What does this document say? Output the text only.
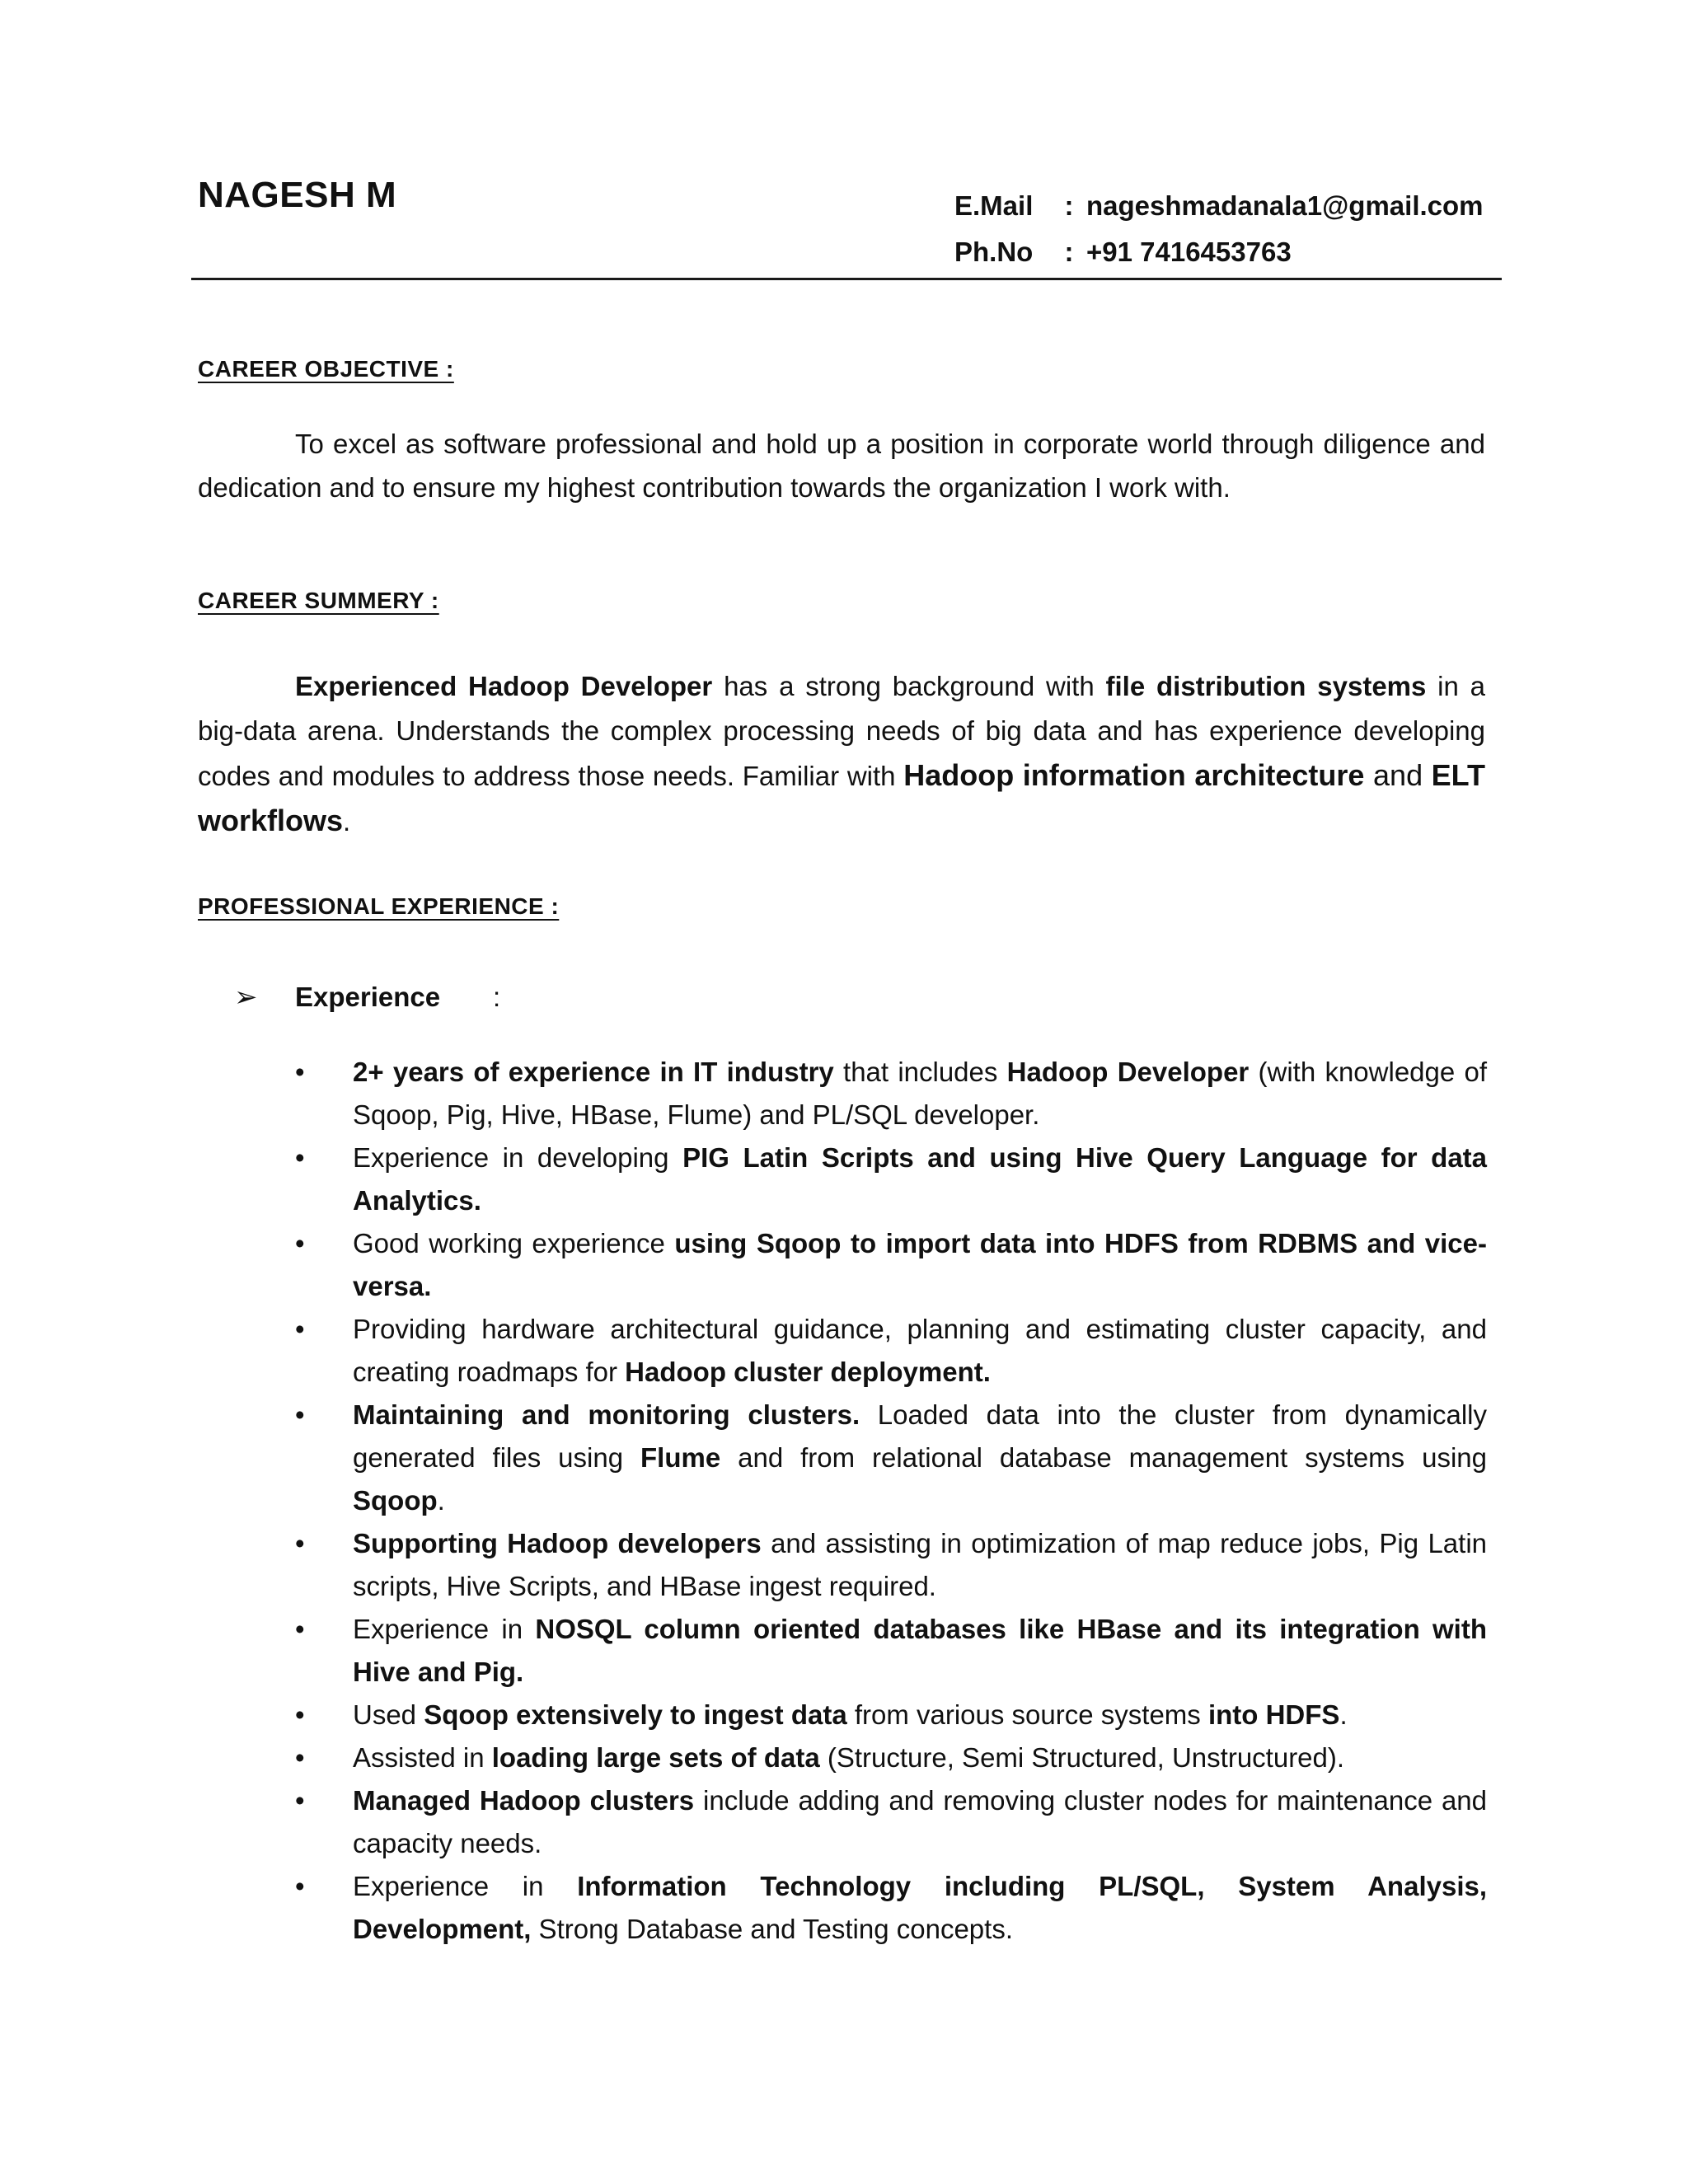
NAGESH M	E.Mail	: nageshmadanala1@gmail.com
Ph.No	: +91 7416453763
CAREER OBJECTIVE :
To excel as software professional and hold up a position in corporate world through diligence and dedication and to ensure my highest contribution towards the organization I work with.
CAREER SUMMERY :
Experienced Hadoop Developer has a strong background with file distribution systems in a big-data arena. Understands the complex processing needs of big data and has experience developing codes and modules to address those needs. Familiar with Hadoop information architecture and ELT workflows.
PROFESSIONAL EXPERIENCE :
➢	Experience	:
• 2+ years of experience in IT industry that includes Hadoop Developer (with knowledge of Sqoop, Pig, Hive, HBase, Flume) and PL/SQL developer.
• Experience in developing PIG Latin Scripts and using Hive Query Language for data Analytics.
• Good working experience using Sqoop to import data into HDFS from RDBMS and vice-versa.
• Providing hardware architectural guidance, planning and estimating cluster capacity, and creating roadmaps for Hadoop cluster deployment.
• Maintaining and monitoring clusters. Loaded data into the cluster from dynamically generated files using Flume and from relational database management systems using Sqoop.
• Supporting Hadoop developers and assisting in optimization of map reduce jobs, Pig Latin scripts, Hive Scripts, and HBase ingest required.
• Experience in NOSQL column oriented databases like HBase and its integration with Hive and Pig.
• Used Sqoop extensively to ingest data from various source systems into HDFS.
• Assisted in loading large sets of data (Structure, Semi Structured, Unstructured).
• Managed Hadoop clusters include adding and removing cluster nodes for maintenance and capacity needs.
• Experience in Information Technology including PL/SQL, System Analysis, Development, Strong Database and Testing concepts.
